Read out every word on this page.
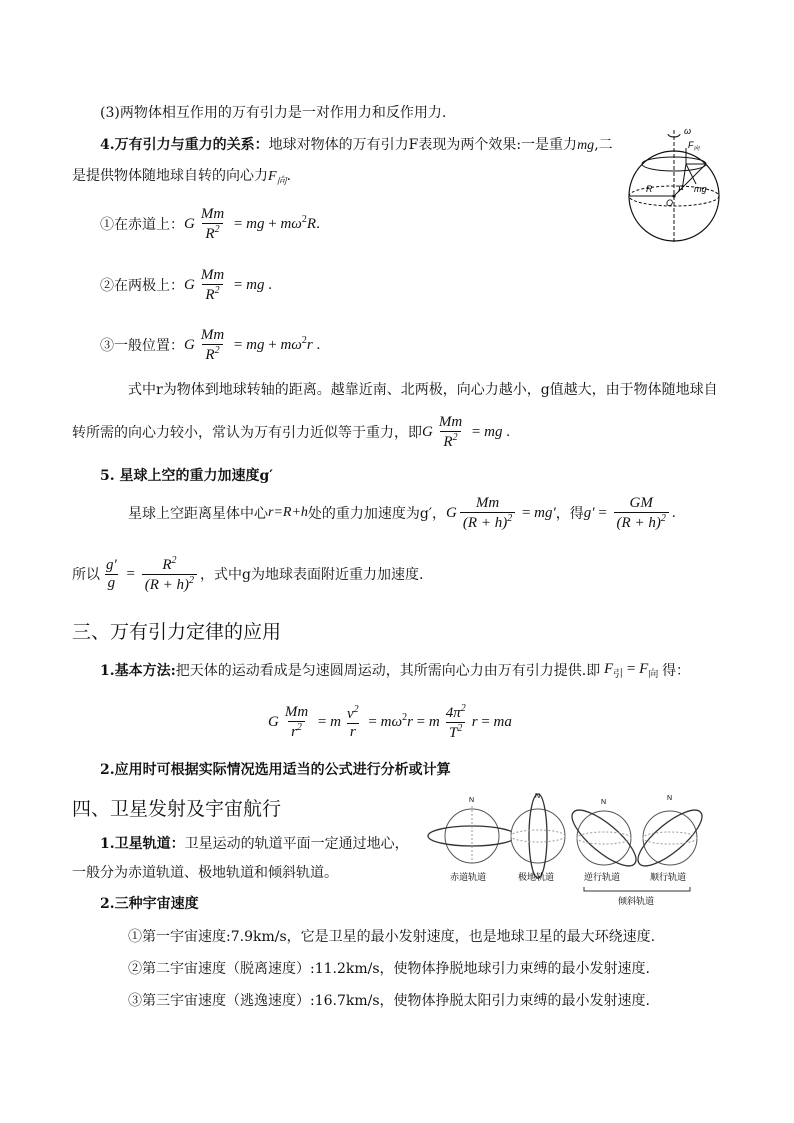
(3)两物体相互作用的万有引力是一对作用力和反作用力.
4.万有引力与重力的关系：地球对物体的万有引力F表现为两个效果:一是重力mg,二
是提供物体随地球自转的向心力$F_向$.
①在赤道上： G $\frac{Mm}{R^2}$ = mg + $m\omega^2R$.
②在两极上： G $\frac{Mm}{R^2}$ = mg .
③一般位置： G $\frac{Mm}{R^2}$ = mg + $m\omega^2r$ .
式中r为物体到地球转轴的距离。越靠近南、北两极，向心力越小，g值越大，由于物体随地球自
转所需的向心力较小，常认为万有引力近似等于重力，即 G $\frac{Mm}{R^2}$ = mg .
5. 星球上空的重力加速度g′
星球上空距离星体中心 r=R+h 处的重力加速度为g′， G $\frac{Mm}{(R + h)^2} = mg'$ ，得 $g' = \frac{GM}{(R + h)^2}$ .
所以 $\frac{g'}{g} = \frac{R^2}{(R + h)^2}$ ，式中g为地球表面附近重力加速度.
ω
$F_向$
R	F mg
O
三、万有引力定律的应用
1.基本方法: 把天体的运动看成是匀速圆周运动，其所需向心力由万有引力提供.即 $F_引 = F_向$ 得：
G $\frac{Mm}{r^2} = m \frac{v^2}{r} = m\omega^2r = m \frac{4\pi^2}{T^2}$ r = ma
2.应用时可根据实际情况选用适当的公式进行分析或计算
四、卫星发射及宇宙航行
1.卫星轨道：卫星运动的轨道平面一定通过地心，
一般分为赤道轨道、极地轨道和倾斜轨道。
2.三种宇宙速度
①第一宇宙速度:7.9km/s，它是卫星的最小发射速度，也是地球卫星的最大环绕速度.
②第二宇宙速度（脱离速度）:11.2km/s，使物体挣脱地球引力束缚的最小发射速度.
③第三宇宙速度（逃逸速度）:16.7km/s，使物体挣脱太阳引力束缚的最小发射速度.
N
N
N
N
赤道轨道	极地轨道	逆行轨道	顺行轨道
倾斜轨道
